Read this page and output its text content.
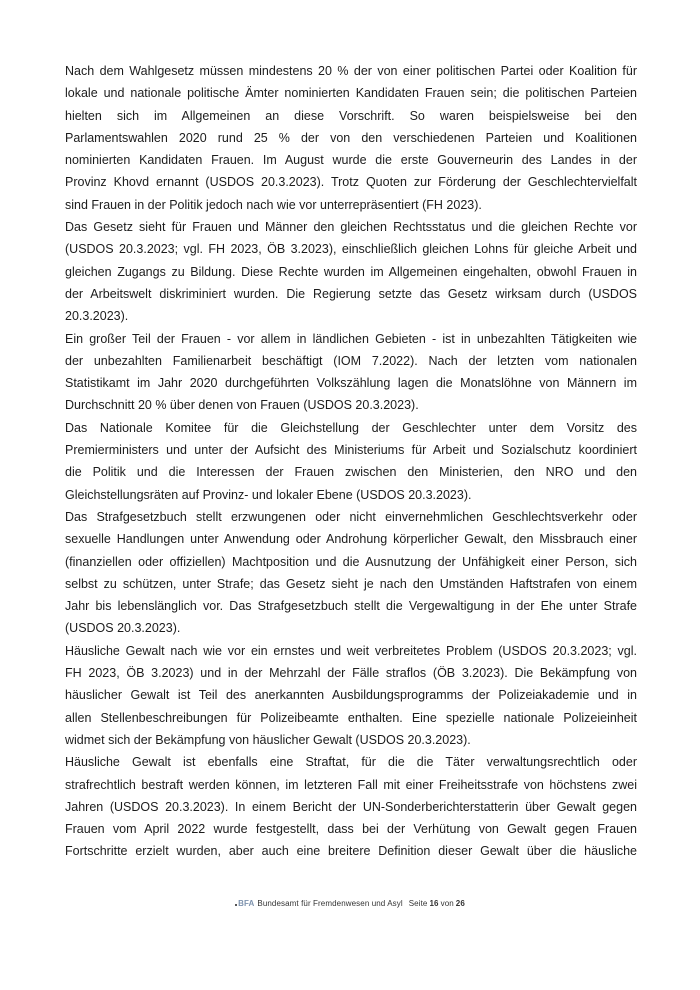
Nach dem Wahlgesetz müssen mindestens 20 % der von einer politischen Partei oder Koalition für
lokale und nationale politische Ämter nominierten Kandidaten Frauen sein; die politischen Parteien
hielten sich im Allgemeinen an diese Vorschrift. So waren beispielsweise bei den
Parlamentswahlen 2020 rund 25 % der von den verschiedenen Parteien und Koalitionen
nominierten Kandidaten Frauen. Im August wurde die erste Gouverneurin des Landes in der
Provinz Khovd ernannt (USDOS 20.3.2023). Trotz Quoten zur Förderung der Geschlechtervielfalt
sind Frauen in der Politik jedoch nach wie vor unterrepräsentiert (FH 2023).
Das Gesetz sieht für Frauen und Männer den gleichen Rechtsstatus und die gleichen Rechte vor
(USDOS 20.3.2023; vgl. FH 2023, ÖB 3.2023), einschließlich gleichen Lohns für gleiche Arbeit und
gleichen Zugangs zu Bildung. Diese Rechte wurden im Allgemeinen eingehalten, obwohl Frauen in
der Arbeitswelt diskriminiert wurden. Die Regierung setzte das Gesetz wirksam durch (USDOS
20.3.2023).
Ein großer Teil der Frauen - vor allem in ländlichen Gebieten - ist in unbezahlten Tätigkeiten wie
der unbezahlten Familienarbeit beschäftigt (IOM 7.2022). Nach der letzten vom nationalen
Statistikamt im Jahr 2020 durchgeführten Volkszählung lagen die Monatslöhne von Männern im
Durchschnitt 20 % über denen von Frauen (USDOS 20.3.2023).
Das Nationale Komitee für die Gleichstellung der Geschlechter unter dem Vorsitz des
Premierministers und unter der Aufsicht des Ministeriums für Arbeit und Sozialschutz koordiniert
die Politik und die Interessen der Frauen zwischen den Ministerien, den NRO und den
Gleichstellungsräten auf Provinz- und lokaler Ebene (USDOS 20.3.2023).
Das Strafgesetzbuch stellt erzwungenen oder nicht einvernehmlichen Geschlechtsverkehr oder
sexuelle Handlungen unter Anwendung oder Androhung körperlicher Gewalt, den Missbrauch einer
(finanziellen oder offiziellen) Machtposition und die Ausnutzung der Unfähigkeit einer Person, sich
selbst zu schützen, unter Strafe; das Gesetz sieht je nach den Umständen Haftstrafen von einem
Jahr bis lebenslänglich vor. Das Strafgesetzbuch stellt die Vergewaltigung in der Ehe unter Strafe
(USDOS 20.3.2023).
Häusliche Gewalt nach wie vor ein ernstes und weit verbreitetes Problem (USDOS 20.3.2023; vgl.
FH 2023, ÖB 3.2023) und in der Mehrzahl der Fälle straflos (ÖB 3.2023). Die Bekämpfung von
häuslicher Gewalt ist Teil des anerkannten Ausbildungsprogramms der Polizeiakademie und in
allen Stellenbeschreibungen für Polizeibeamte enthalten. Eine spezielle nationale Polizeieinheit
widmet sich der Bekämpfung von häuslicher Gewalt (USDOS 20.3.2023).
Häusliche Gewalt ist ebenfalls eine Straftat, für die die Täter verwaltungsrechtlich oder
strafrechtlich bestraft werden können, im letzteren Fall mit einer Freiheitsstrafe von höchstens zwei
Jahren (USDOS 20.3.2023). In einem Bericht der UN-Sonderberichterstatterin über Gewalt gegen
Frauen vom April 2022 wurde festgestellt, dass bei der Verhütung von Gewalt gegen Frauen
Fortschritte erzielt wurden, aber auch eine breitere Definition dieser Gewalt über die häusliche
BFA Bundesamt für Fremdenwesen und Asyl Seite 16 von 26
